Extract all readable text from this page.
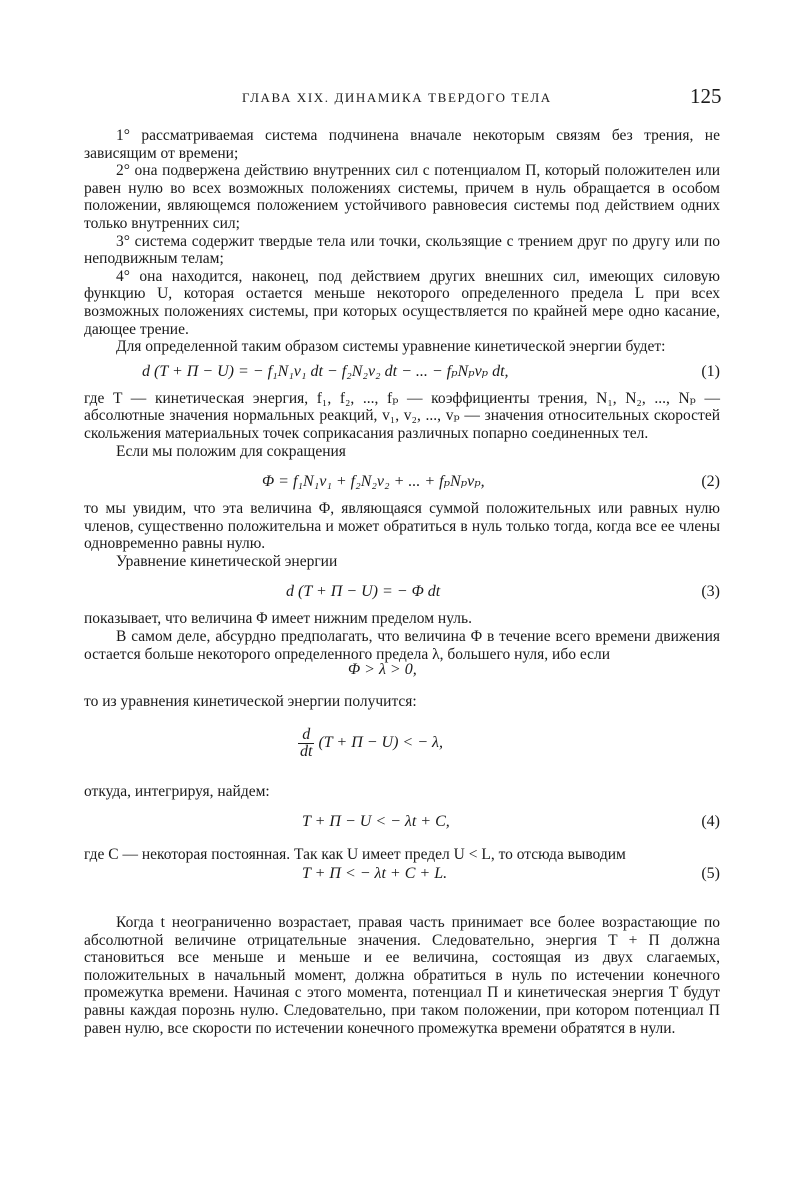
ГЛАВА XIX. ДИНАМИКА ТВЕРДОГО ТЕЛА	125

1° рассматриваемая система подчинена вначале некоторым связям без трения, не зависящим от времени;

2° она подвержена действию внутренних сил с потенциалом П, который положителен или равен нулю во всех возможных положениях системы, причем в нуль обращается в особом положении, являющемся положением устойчивого равновесия системы под действием одних только внутренних сил;

3° система содержит твердые тела или точки, скользящие с трением друг по другу или по неподвижным телам;

4° она находится, наконец, под действием других внешних сил, имеющих силовую функцию U, которая остается меньше некоторого определенного предела L при всех возможных положениях системы, при которых осуществляется по крайней мере одно касание, дающее трение.

Для определенной таким образом системы уравнение кинетической энергии будет:

d (T + П − U) = − f₁N₁v₁ dt − f₂N₂v₂ dt − ... − fₚNₚvₚ dt,	(1)

где T — кинетическая энергия, f₁, f₂, ..., fₚ — коэффициенты трения, N₁, N₂, ..., Nₚ — абсолютные значения нормальных реакций, v₁, v₂, ..., vₚ — значения относительных скоростей скольжения материальных точек соприкасания различных попарно соединенных тел.

Если мы положим для сокращения

Φ = f₁N₁v₁ + f₂N₂v₂ + ... + fₚNₚvₚ,	(2)

то мы увидим, что эта величина Φ, являющаяся суммой положительных или равных нулю членов, существенно положительна и может обратиться в нуль только тогда, когда все ее члены одновременно равны нулю.

Уравнение кинетической энергии

d (T + П − U) = − Φ dt	(3)

показывает, что величина Φ имеет нижним пределом нуль.

В самом деле, абсурдно предполагать, что величина Φ в течение всего времени движения остается больше некоторого определенного предела λ, большего нуля, ибо если

Φ > λ > 0,

то из уравнения кинетической энергии получится:

$\frac{d}{dt} (T + П - U)$ < − λ,

откуда, интегрируя, найдем:

T + П − U < − λt + C,	(4)

где C — некоторая постоянная. Так как U имеет предел U < L, то отсюда выводим

T + П < − λt + C + L.	(5)

Когда t неограниченно возрастает, правая часть принимает все более возрастающие по абсолютной величине отрицательные значения. Следовательно, энергия T + П должна становиться все меньше и меньше и ее величина, состоящая из двух слагаемых, положительных в начальный момент, должна обратиться в нуль по истечении конечного промежутка времени. Начиная с этого момента, потенциал П и кинетическая энергия T будут равны каждая порознь нулю. Следовательно, при таком положении, при котором потенциал П равен нулю, все скорости по истечении конечного промежутка времени обратятся в нули.
